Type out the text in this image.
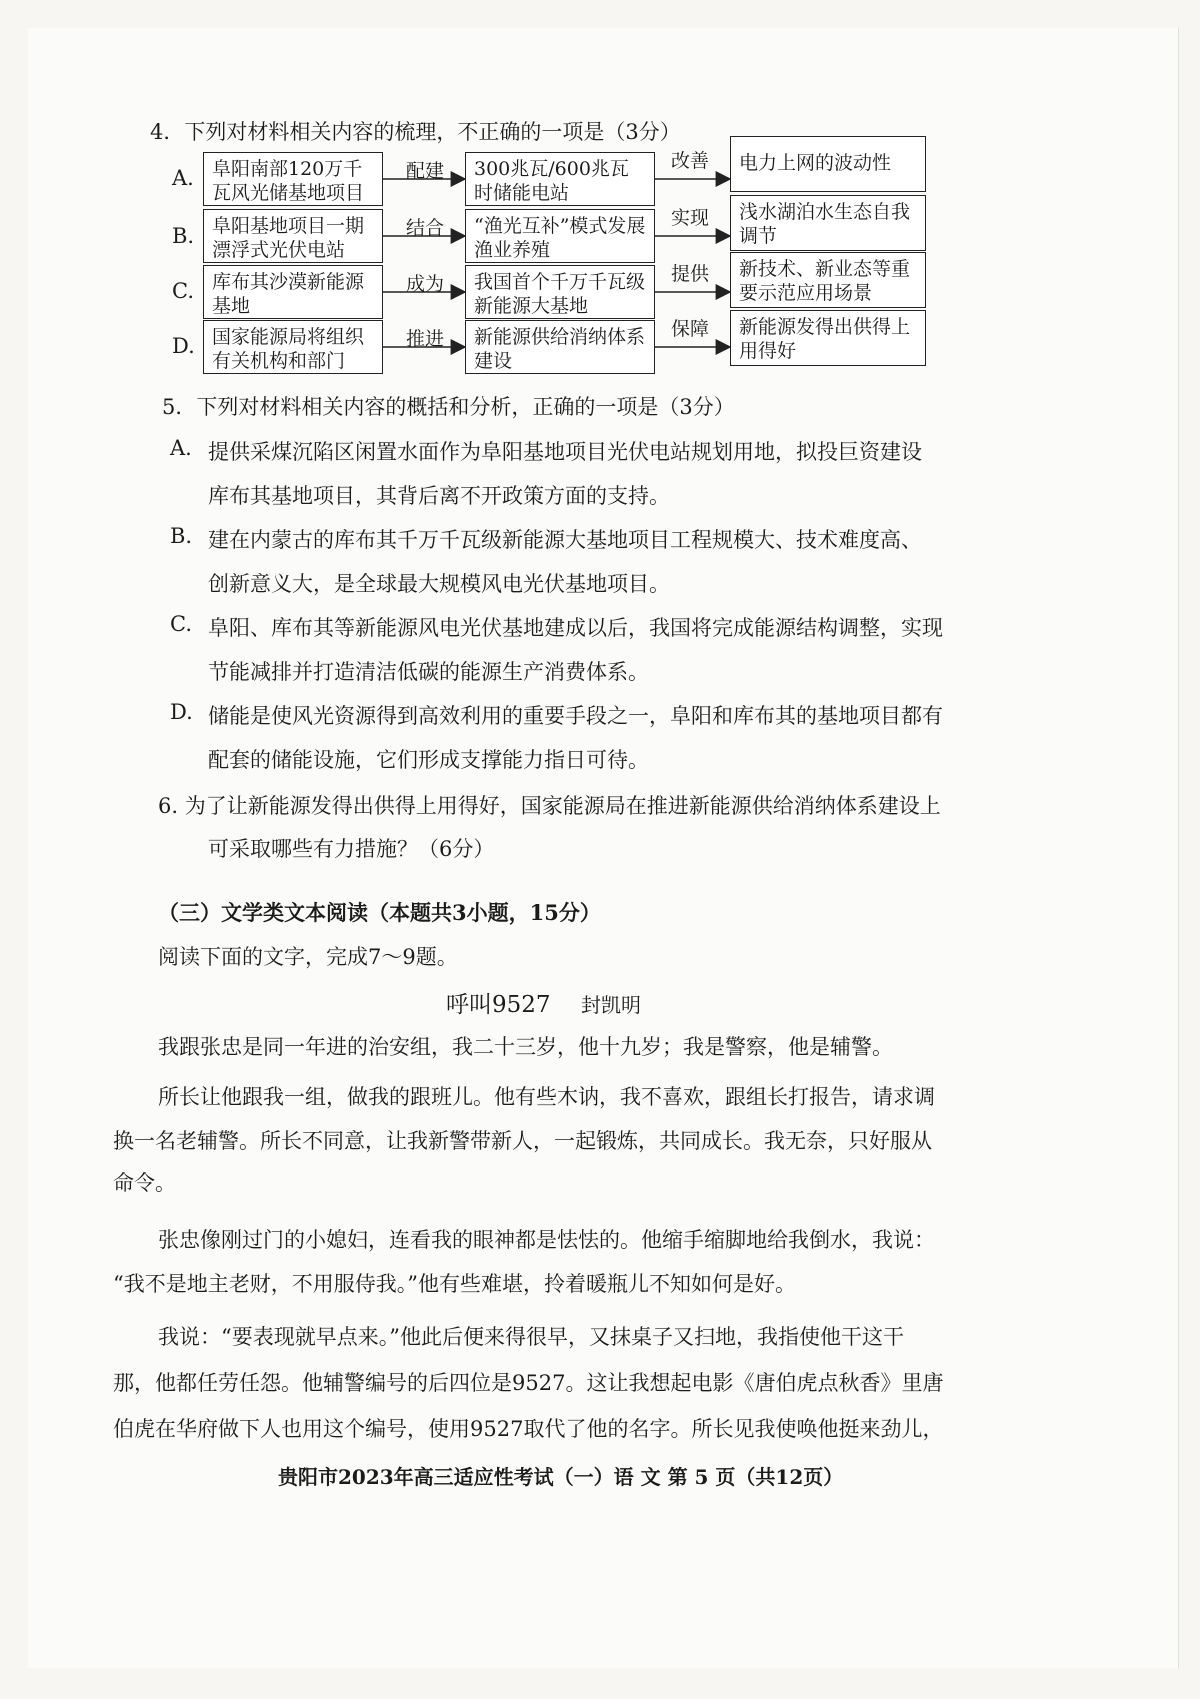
4．下列对材料相关内容的梳理，不正确的一项是（3分）
A. 阜阳南部120万千瓦风光储基地项目
配建	300兆瓦/600兆瓦时储能电站
改善	电力上网的波动性
B. 阜阳基地项目一期漂浮式光伏电站
结合	“渔光互补”模式发展渔业养殖
实现	浅水湖泊水生态自我调节
C. 库布其沙漠新能源基地
成为	我国首个千万千瓦级新能源大基地
提供	新技术、新业态等重要示范应用场景
D. 国家能源局将组织有关机构和部门
推进	新能源供给消纳体系建设
保障	新能源发得出供得上用得好
5．下列对材料相关内容的概括和分析，正确的一项是（3分）
A. 提供采煤沉陷区闲置水面作为阜阳基地项目光伏电站规划用地，拟投巨资建设
库布其基地项目，其背后离不开政策方面的支持。
B. 建在内蒙古的库布其千万千瓦级新能源大基地项目工程规模大、技术难度高、
创新意义大，是全球最大规模风电光伏基地项目。
C. 阜阳、库布其等新能源风电光伏基地建成以后，我国将完成能源结构调整，实现
节能减排并打造清洁低碳的能源生产消费体系。
D. 储能是使风光资源得到高效利用的重要手段之一，阜阳和库布其的基地项目都有
配套的储能设施，它们形成支撑能力指日可待。
6. 为了让新能源发得出供得上用得好，国家能源局在推进新能源供给消纳体系建设上
可采取哪些有力措施？（6分）
（三）文学类文本阅读（本题共3小题，15分）
阅读下面的文字，完成7～9题。
呼叫9527 封凯明
我跟张忠是同一年进的治安组，我二十三岁，他十九岁；我是警察，他是辅警。
所长让他跟我一组，做我的跟班儿。他有些木讷，我不喜欢，跟组长打报告，请求调
换一名老辅警。所长不同意，让我新警带新人，一起锻炼，共同成长。我无奈，只好服从
命令。
张忠像刚过门的小媳妇，连看我的眼神都是怯怯的。他缩手缩脚地给我倒水，我说：
“我不是地主老财，不用服侍我。”他有些难堪，拎着暖瓶儿不知如何是好。
我说：“要表现就早点来。”他此后便来得很早，又抹桌子又扫地，我指使他干这干
那，他都任劳任怨。他辅警编号的后四位是9527。这让我想起电影《唐伯虎点秋香》里唐
伯虎在华府做下人也用这个编号，使用9527取代了他的名字。所长见我使唤他挺来劲儿，
贵阳市2023年高三适应性考试（一）语 文 第 5 页（共12页）
